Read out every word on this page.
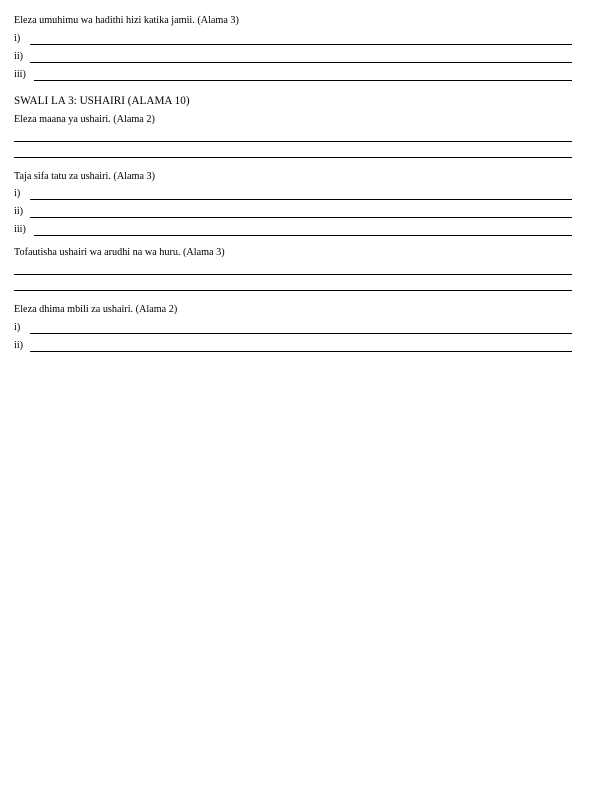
Eleza umuhimu wa hadithi hizi katika jamii. (Alama 3)

i)
ii)
iii)

SWALI LA 3: USHAIRI (ALAMA 10)

Eleza maana ya ushairi. (Alama 2)

Taja sifa tatu za ushairi. (Alama 3)

i)
ii)
iii)

Tofautisha ushairi wa arudhi na wa huru. (Alama 3)

Eleza dhima mbili za ushairi. (Alama 2)

i)
ii)
